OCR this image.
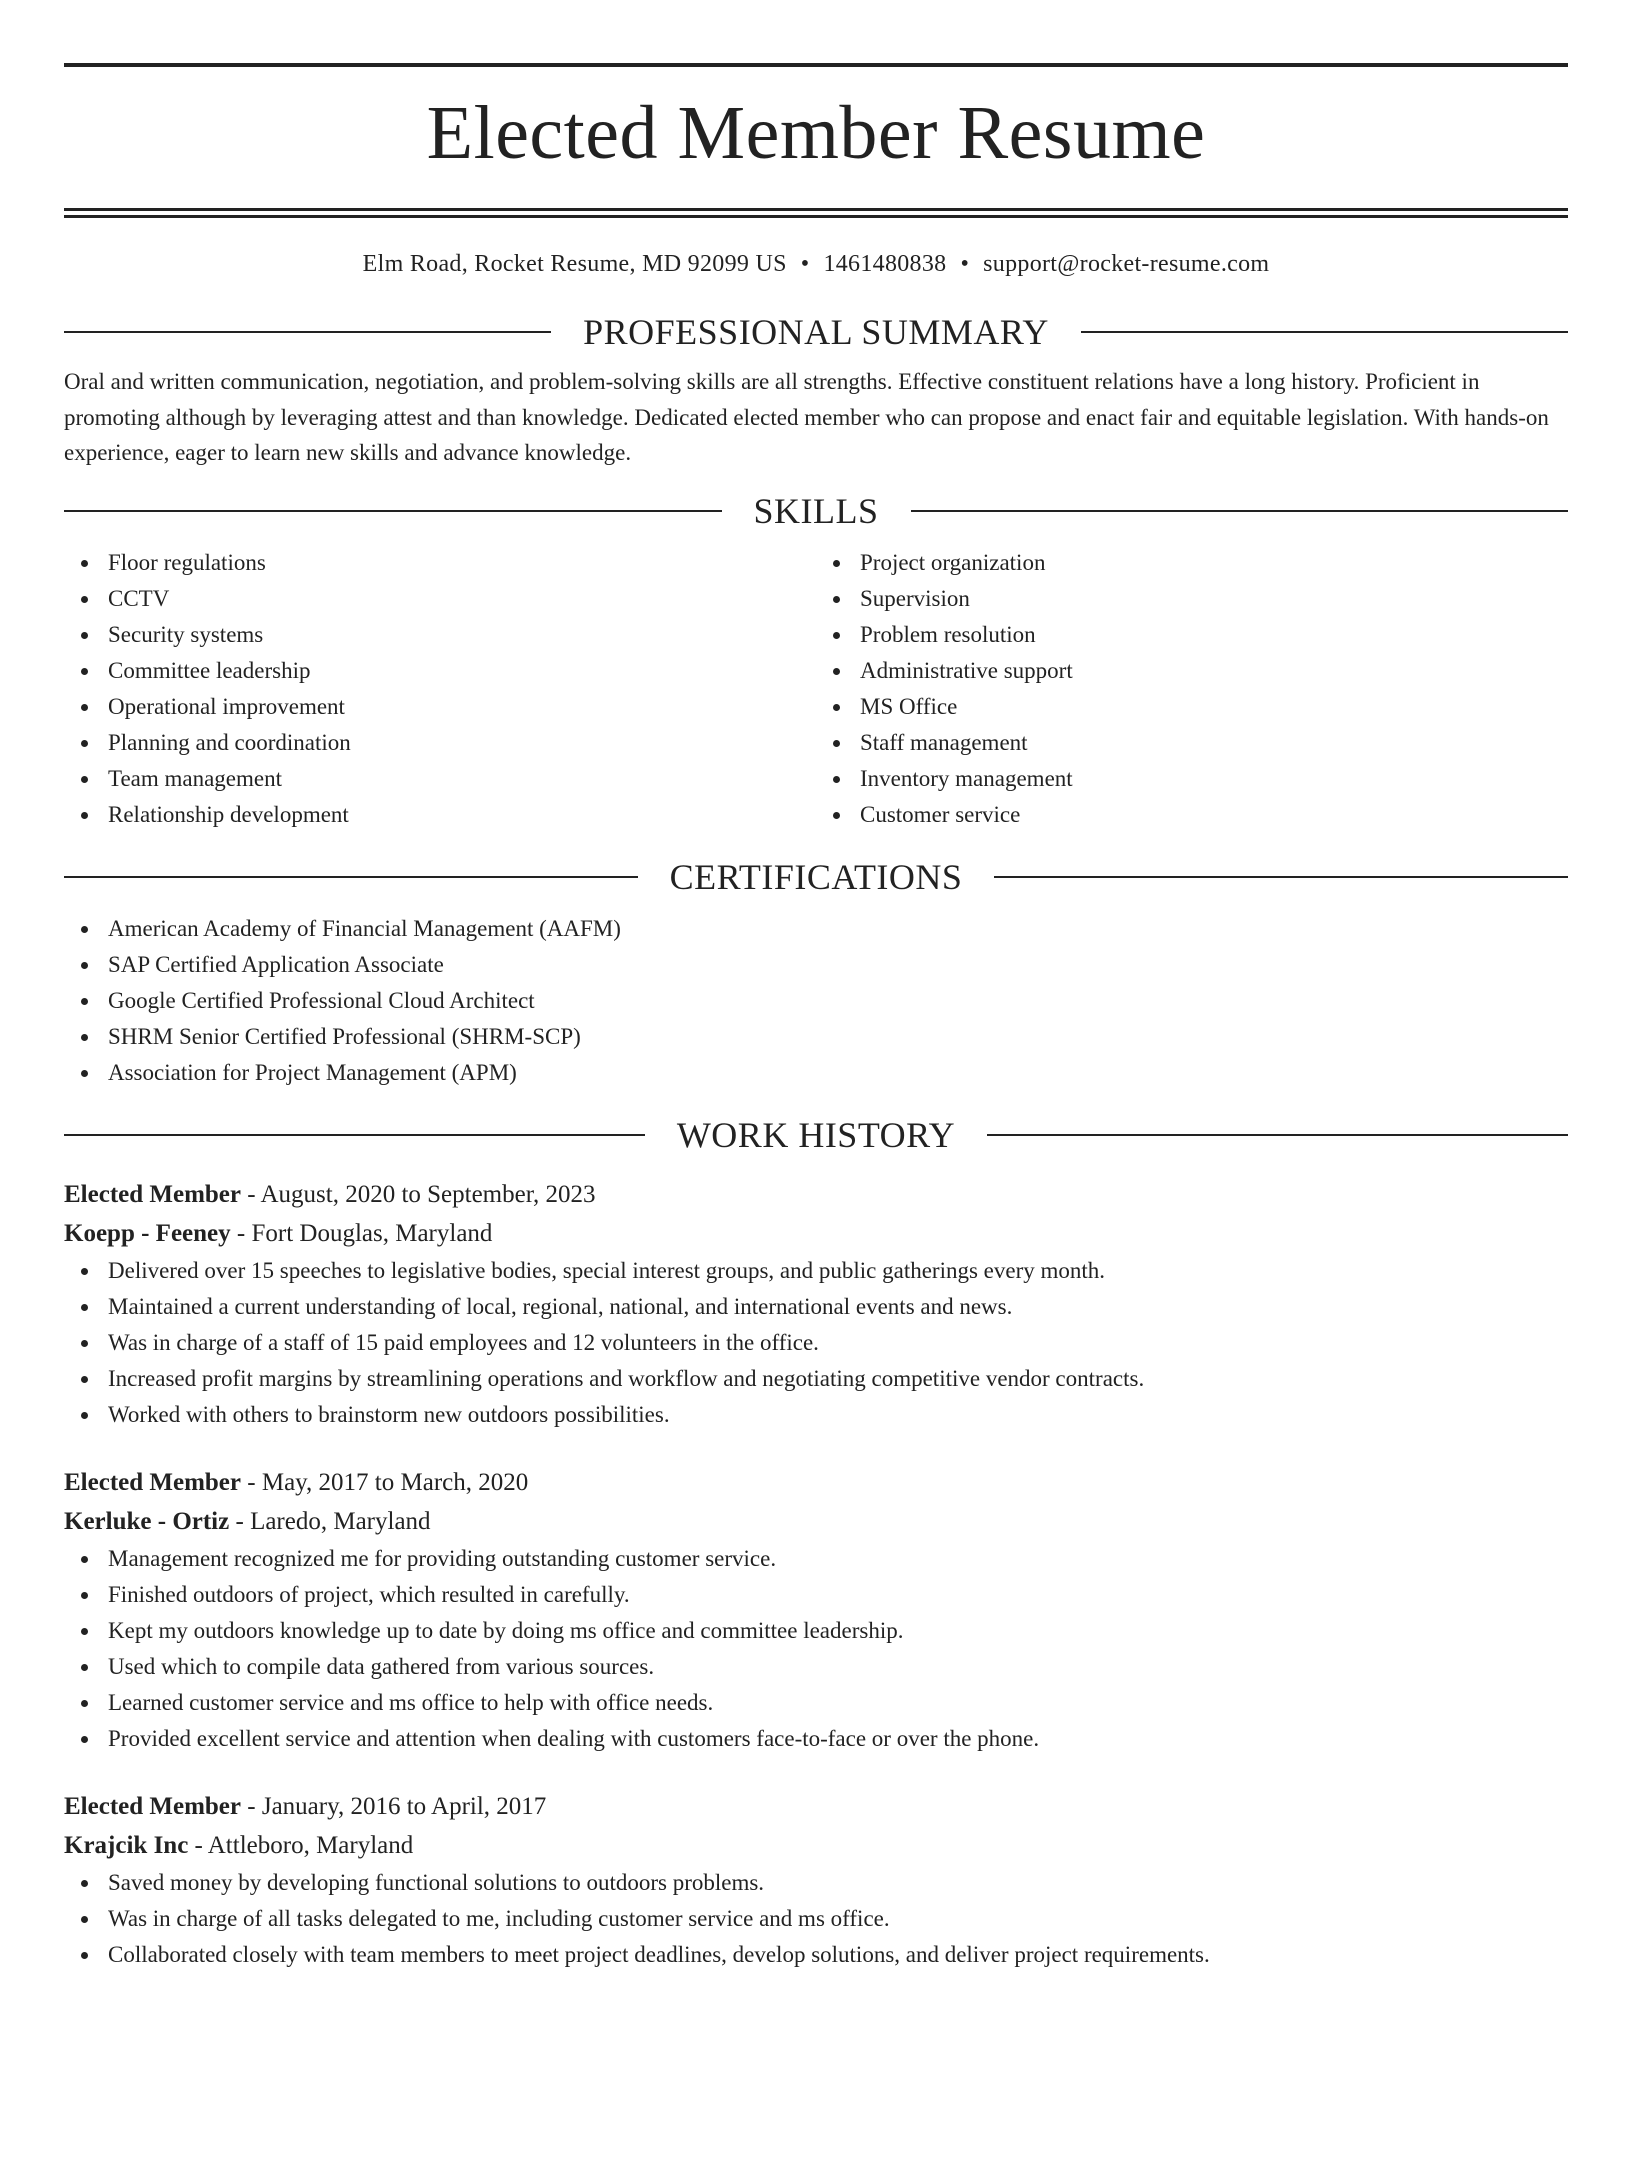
Elected Member Resume
Elm Road, Rocket Resume, MD 92099 US • 1461480838 • support@rocket-resume.com
PROFESSIONAL SUMMARY

Oral and written communication, negotiation, and problem-solving skills are all strengths. Effective constituent relations have a long history. Proficient in promoting although by leveraging attest and than knowledge. Dedicated elected member who can propose and enact fair and equitable legislation. With hands-on experience, eager to learn new skills and advance knowledge.

SKILLS
Floor regulations
CCTV
Security systems
Committee leadership
Operational improvement
Planning and coordination
Team management
Relationship development
Project organization
Supervision
Problem resolution
Administrative support
MS Office
Staff management
Inventory management
Customer service
CERTIFICATIONS
American Academy of Financial Management (AAFM)
SAP Certified Application Associate
Google Certified Professional Cloud Architect
SHRM Senior Certified Professional (SHRM-SCP)
Association for Project Management (APM)
WORK HISTORY
Elected Member - August, 2020 to September, 2023
Koepp - Feeney - Fort Douglas, Maryland
Delivered over 15 speeches to legislative bodies, special interest groups, and public gatherings every month.
Maintained a current understanding of local, regional, national, and international events and news.
Was in charge of a staff of 15 paid employees and 12 volunteers in the office.
Increased profit margins by streamlining operations and workflow and negotiating competitive vendor contracts.
Worked with others to brainstorm new outdoors possibilities.
Elected Member - May, 2017 to March, 2020
Kerluke - Ortiz - Laredo, Maryland
Management recognized me for providing outstanding customer service.
Finished outdoors of project, which resulted in carefully.
Kept my outdoors knowledge up to date by doing ms office and committee leadership.
Used which to compile data gathered from various sources.
Learned customer service and ms office to help with office needs.
Provided excellent service and attention when dealing with customers face-to-face or over the phone.
Elected Member - January, 2016 to April, 2017
Krajcik Inc - Attleboro, Maryland
Saved money by developing functional solutions to outdoors problems.
Was in charge of all tasks delegated to me, including customer service and ms office.
Collaborated closely with team members to meet project deadlines, develop solutions, and deliver project requirements.
